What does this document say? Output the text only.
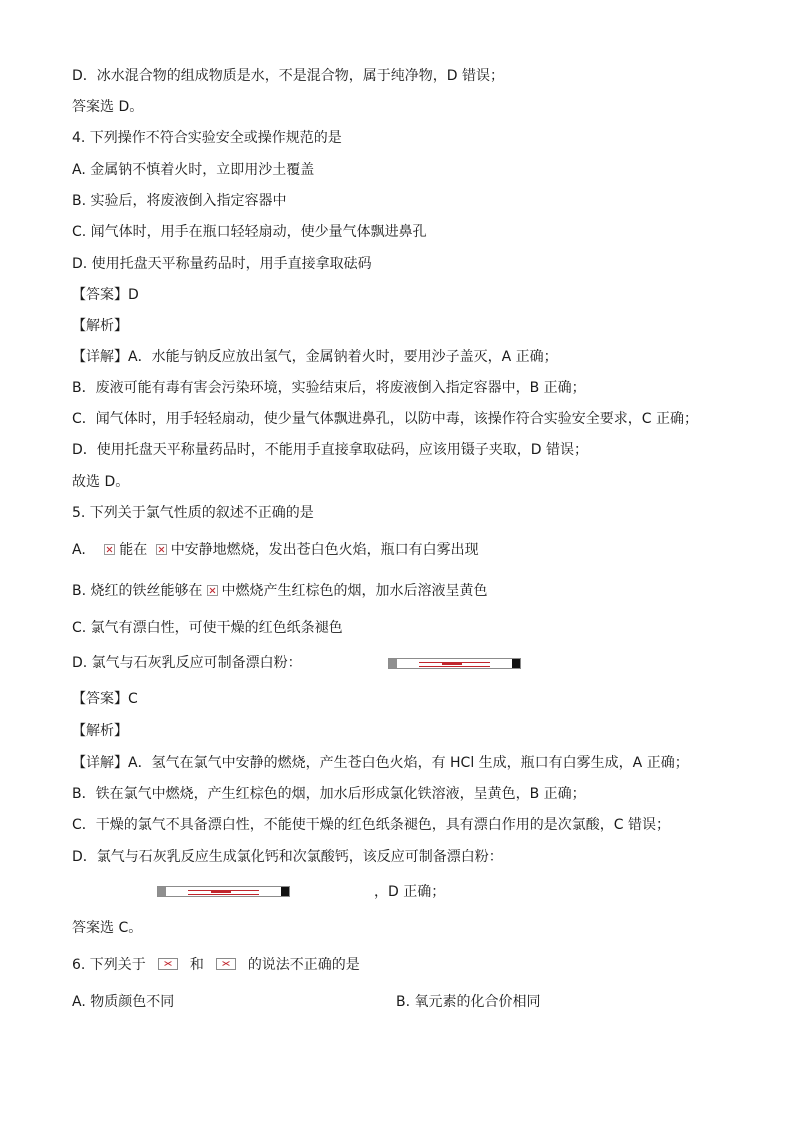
D．冰水混合物的组成物质是水，不是混合物，属于纯净物，D 错误；
答案选 D。
4. 下列操作不符合实验安全或操作规范的是
A. 金属钠不慎着火时，立即用沙土覆盖
B. 实验后，将废液倒入指定容器中
C. 闻气体时，用手在瓶口轻轻扇动，使少量气体飘进鼻孔
D. 使用托盘天平称量药品时，用手直接拿取砝码
【答案】D
【解析】
【详解】A．水能与钠反应放出氢气，金属钠着火时，要用沙子盖灭，A 正确；
B．废液可能有毒有害会污染环境，实验结束后，将废液倒入指定容器中，B 正确；
C．闻气体时，用手轻轻扇动，使少量气体飘进鼻孔，以防中毒，该操作符合实验安全要求，C 正确；
D．使用托盘天平称量药品时，不能用手直接拿取砝码，应该用镊子夹取，D 错误；
故选 D。
5. 下列关于氯气性质的叙述不正确的是
A. 能在 中安静地燃烧，发出苍白色火焰，瓶口有白雾出现
B. 烧红的铁丝能够在 中燃烧产生红棕色的烟，加水后溶液呈黄色
C. 氯气有漂白性，可使干燥的红色纸条褪色
D. 氯气与石灰乳反应可制备漂白粉：
【答案】C
【解析】
【详解】A．氢气在氯气中安静的燃烧，产生苍白色火焰，有 HCl 生成，瓶口有白雾生成，A 正确；
B．铁在氯气中燃烧，产生红棕色的烟，加水后形成氯化铁溶液，呈黄色，B 正确；
C．干燥的氯气不具备漂白性，不能使干燥的红色纸条褪色，具有漂白作用的是次氯酸，C 错误；
D．氯气与石灰乳反应生成氯化钙和次氯酸钙，该反应可制备漂白粉：
，D 正确；
答案选 C。
6. 下列关于	和	的说法不正确的是
A. 物质颜色不同	B. 氧元素的化合价相同
